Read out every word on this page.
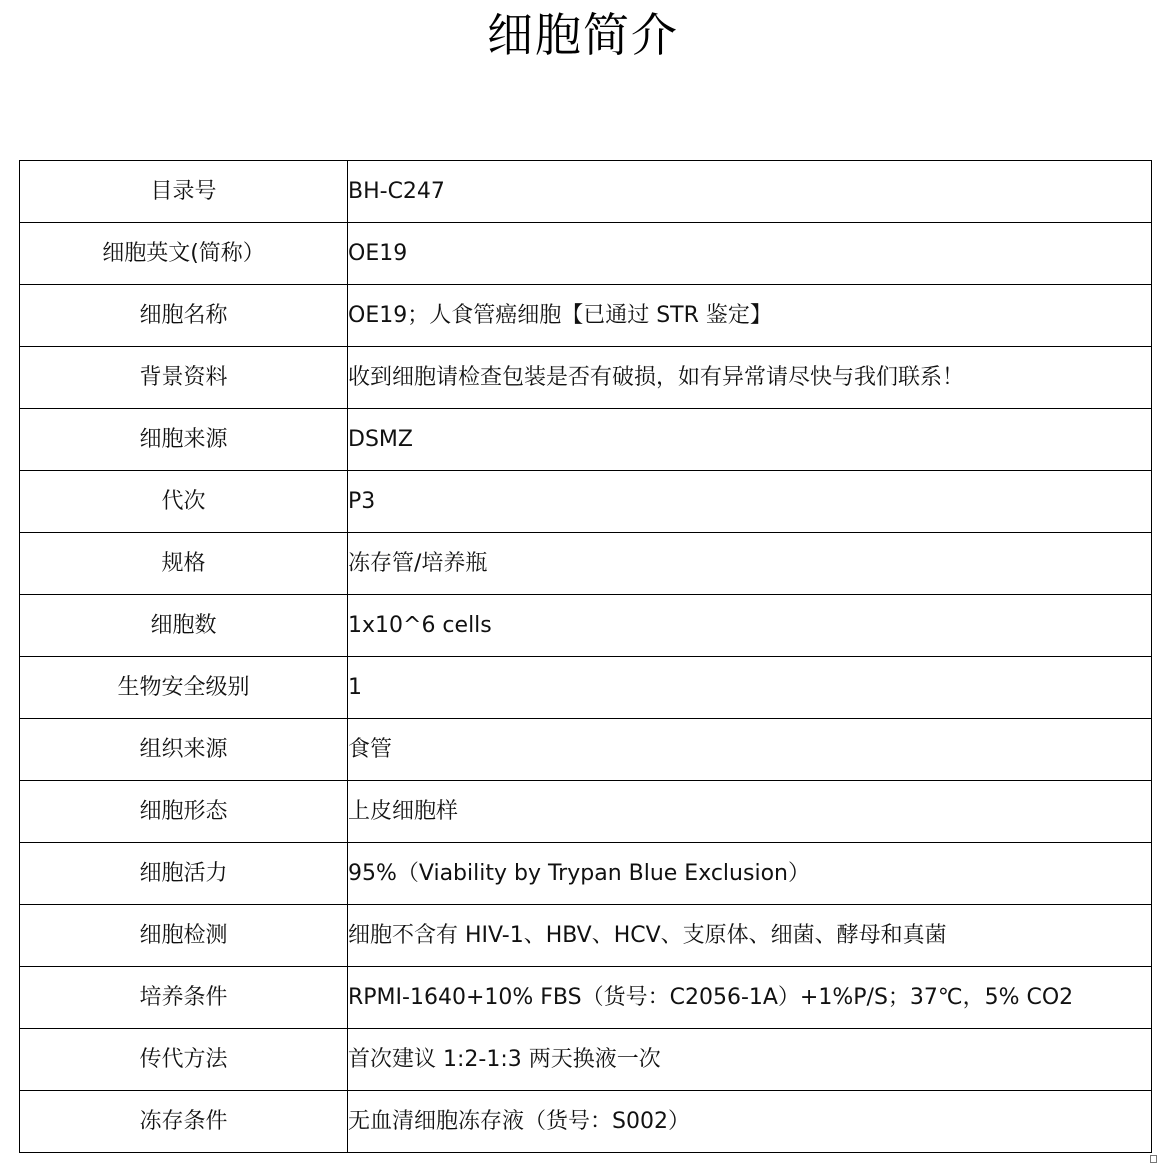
细胞简介
目录号	BH-C247
细胞英文(简称）	OE19
细胞名称	OE19；人食管癌细胞【已通过 STR 鉴定】
背景资料	收到细胞请检查包装是否有破损，如有异常请尽快与我们联系！
细胞来源	DSMZ
代次	P3
规格	冻存管/培养瓶
细胞数	1x10^6 cells
生物安全级别	1
组织来源	食管
细胞形态	上皮细胞样
细胞活力	95%（Viability by Trypan Blue Exclusion）
细胞检测	细胞不含有 HIV-1、HBV、HCV、支原体、细菌、酵母和真菌
培养条件	RPMI-1640+10% FBS（货号：C2056-1A）+1%P/S；37℃，5% CO2
传代方法	首次建议 1:2-1:3 两天换液一次
冻存条件	无血清细胞冻存液（货号：S002）
